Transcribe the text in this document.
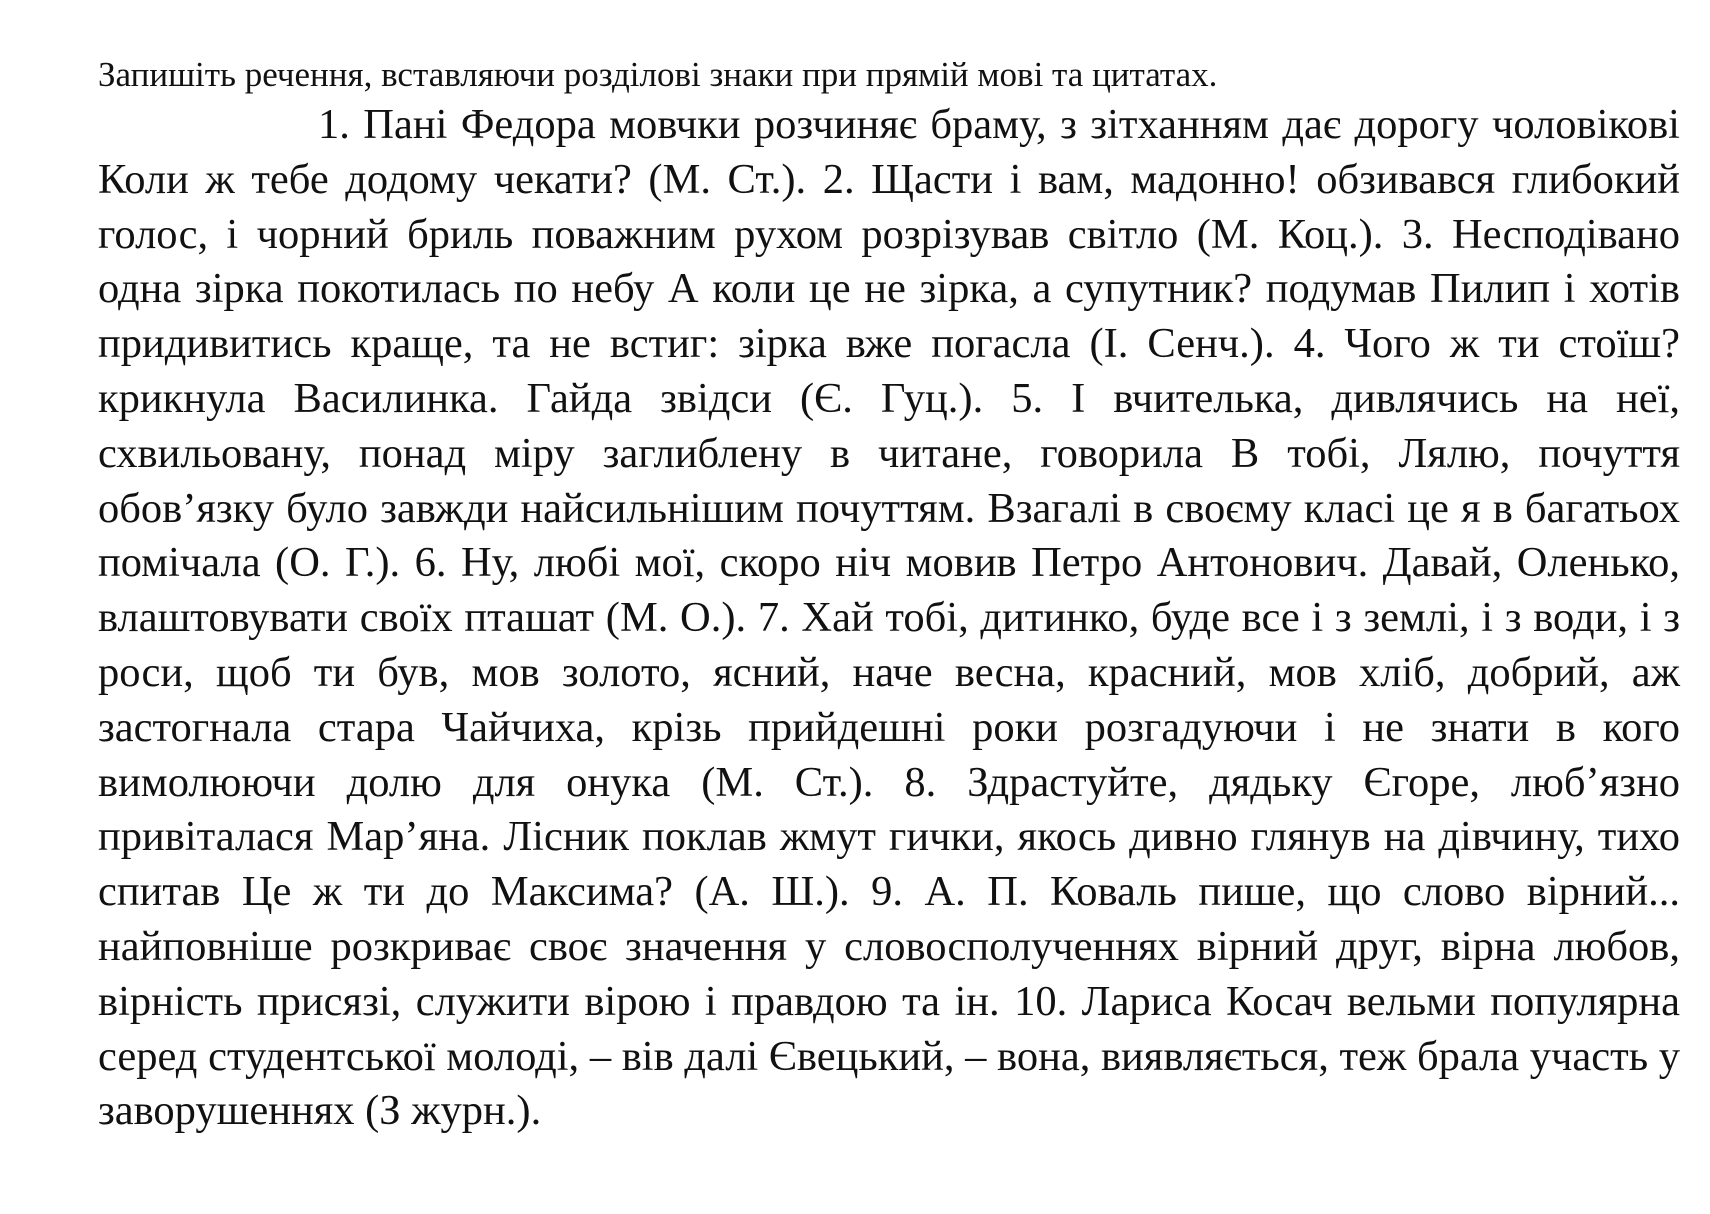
Запишіть речення, вставляючи розділові знаки при прямій мові та цитатах.

1. Пані Федора мовчки розчиняє браму, з зітханням дає дорогу чоловікові Коли ж тебе додому чекати? (М. Ст.). 2. Щасти і вам, мадонно! обзивався глибокий голос, і чорний бриль поважним рухом розрізував світло (М. Коц.). 3. Несподівано одна зірка покотилась по небу А коли це не зірка, а супутник? подумав Пилип і хотів придивитись краще, та не встиг: зірка вже погасла (І. Сенч.). 4. Чого ж ти стоїш? крикнула Василинка. Гайда звідси (Є. Гуц.). 5. І вчителька, дивлячись на неї, схвильовану, понад міру заглиблену в читане, говорила В тобі, Лялю, почуття обов’язку було завжди найсильнішим почуттям. Взагалі в своєму класі це я в багатьох помічала (О. Г.). 6. Ну, любі мої, скоро ніч мовив Петро Антонович. Давай, Оленько, влаштовувати своїх пташат (М. О.). 7. Хай тобі, дитинко, буде все і з землі, і з води, і з роси, щоб ти був, мов золото, ясний, наче весна, красний, мов хліб, добрий, аж застогнала стара Чайчиха, крізь прийдешні роки розгадуючи і не знати в кого вимолюючи долю для онука (М. Ст.). 8. Здрастуйте, дядьку Єгоре, люб’язно привіталася Мар’яна. Лісник поклав жмут гички, якось дивно глянув на дівчину, тихо спитав Це ж ти до Максима? (А. Ш.). 9. А. П. Коваль пише, що слово вірний... найповніше розкриває своє значення у словосполученнях вірний друг, вірна любов, вірність присязі, служити вірою і правдою та ін. 10. Лариса Косач вельми популярна серед студентської молоді, – вів далі Євецький, – вона, виявляється, теж брала участь у заворушеннях (З журн.).
